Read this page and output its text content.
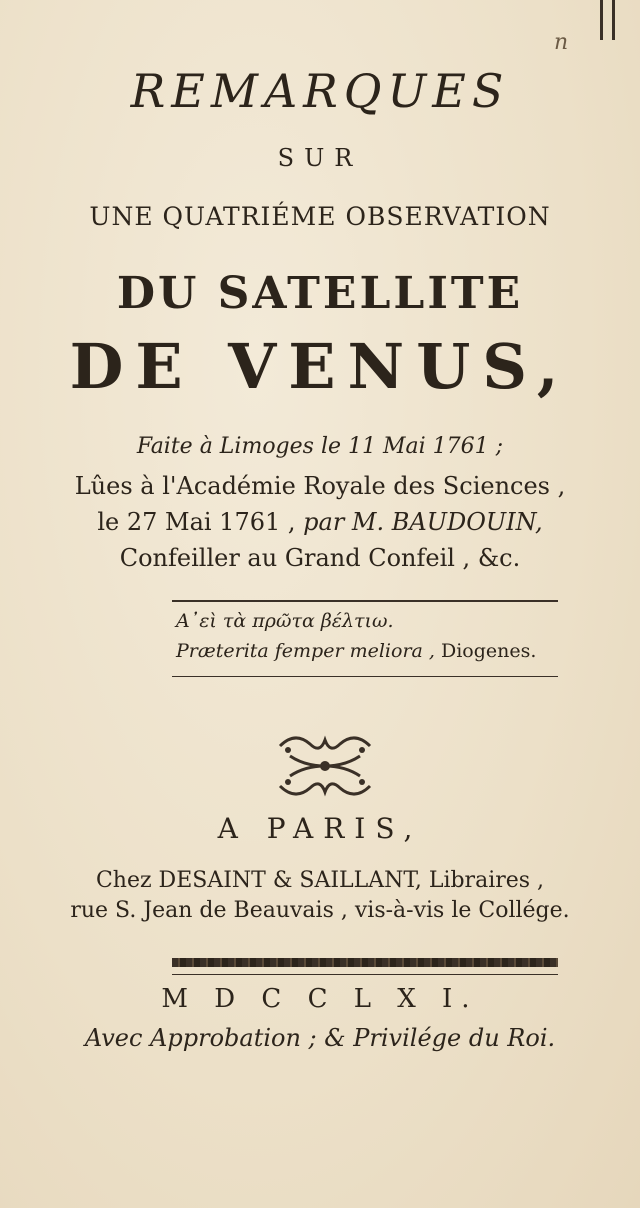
n
REMARQUES
SUR
UNE QUATRIÉME OBSERVATION
DU SATELLITE
DE VENUS,
Faite à Limoges le 11 Mai 1761 ;
Lûes à l'Académie Royale des Sciences ,
le 27 Mai 1761 , par M. BAUDOUIN,
Confeiller au Grand Confeil , &c.
Α᾽εὶ τὰ πρῶτα βέλτιω.
Præterita femper meliora , Diogenes.
A PARIS,
Chez DESAINT & SAILLANT, Libraires ,
rue S. Jean de Beauvais , vis-à-vis le Collége.
M D C C L X I.
Avec Approbation ; & Privilége du Roi.
